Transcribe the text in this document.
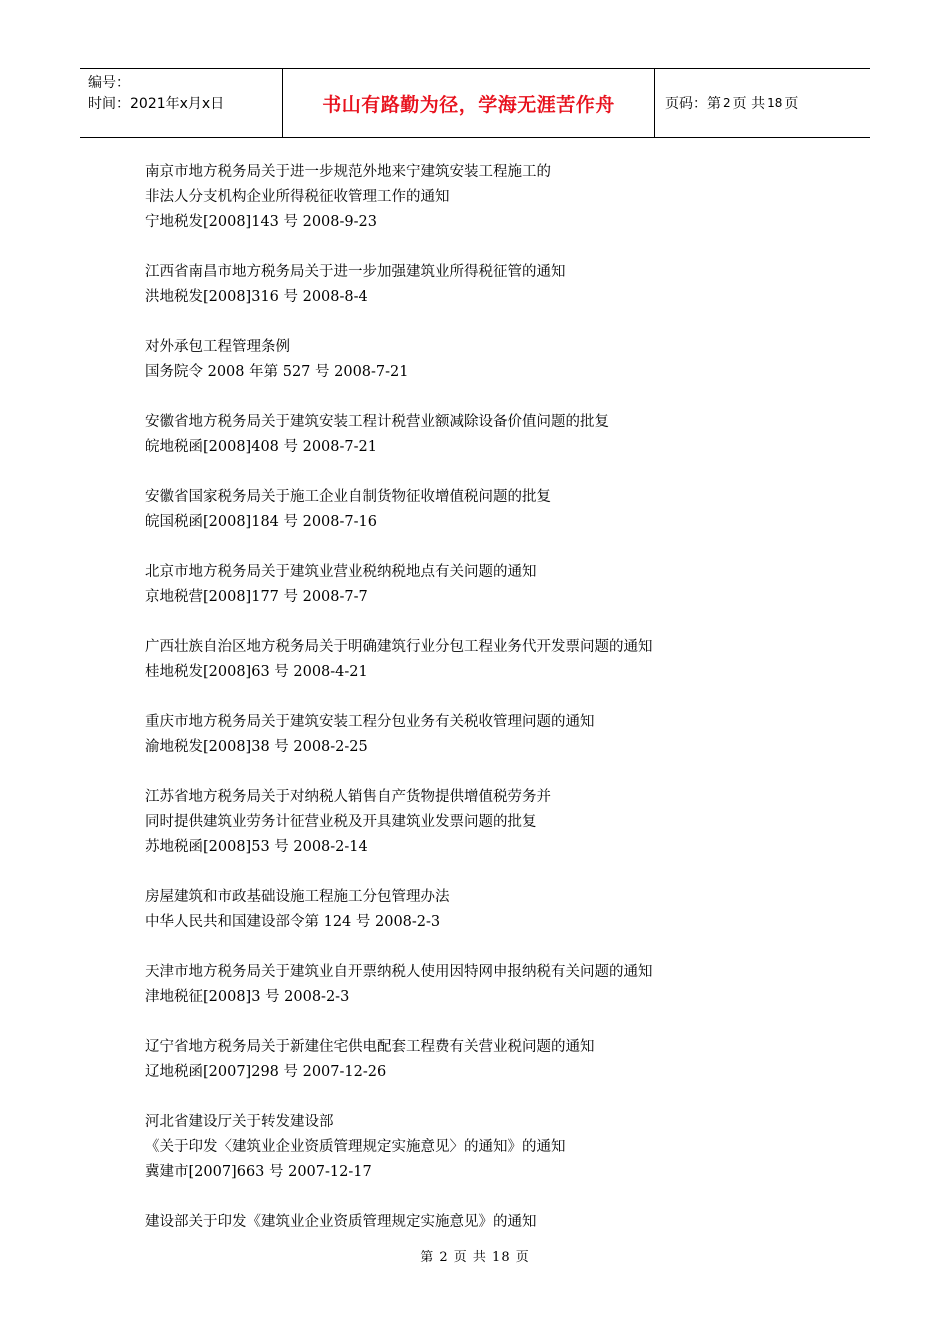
编号：
时间：2021年x月x日	书山有路勤为径，学海无涯苦作舟	页码：第 2 页 共 18 页
南京市地方税务局关于进一步规范外地来宁建筑安装工程施工的
非法人分支机构企业所得税征收管理工作的通知
宁地税发[2008]143 号 2008-9-23
江西省南昌市地方税务局关于进一步加强建筑业所得税征管的通知
洪地税发[2008]316 号 2008-8-4
对外承包工程管理条例
国务院令 2008 年第 527 号 2008-7-21
安徽省地方税务局关于建筑安装工程计税营业额减除设备价值问题的批复
皖地税函[2008]408 号 2008-7-21
安徽省国家税务局关于施工企业自制货物征收增值税问题的批复
皖国税函[2008]184 号 2008-7-16
北京市地方税务局关于建筑业营业税纳税地点有关问题的通知
京地税营[2008]177 号 2008-7-7
广西壮族自治区地方税务局关于明确建筑行业分包工程业务代开发票问题的通知
桂地税发[2008]63 号 2008-4-21
重庆市地方税务局关于建筑安装工程分包业务有关税收管理问题的通知
渝地税发[2008]38 号 2008-2-25
江苏省地方税务局关于对纳税人销售自产货物提供增值税劳务并
同时提供建筑业劳务计征营业税及开具建筑业发票问题的批复
苏地税函[2008]53 号 2008-2-14
房屋建筑和市政基础设施工程施工分包管理办法
中华人民共和国建设部令第 124 号 2008-2-3
天津市地方税务局关于建筑业自开票纳税人使用因特网申报纳税有关问题的通知
津地税征[2008]3 号 2008-2-3
辽宁省地方税务局关于新建住宅供电配套工程费有关营业税问题的通知
辽地税函[2007]298 号 2007-12-26
河北省建设厅关于转发建设部
《关于印发〈建筑业企业资质管理规定实施意见〉的通知》的通知
冀建市[2007]663 号 2007-12-17
建设部关于印发《建筑业企业资质管理规定实施意见》的通知
第 2 页 共 18 页
